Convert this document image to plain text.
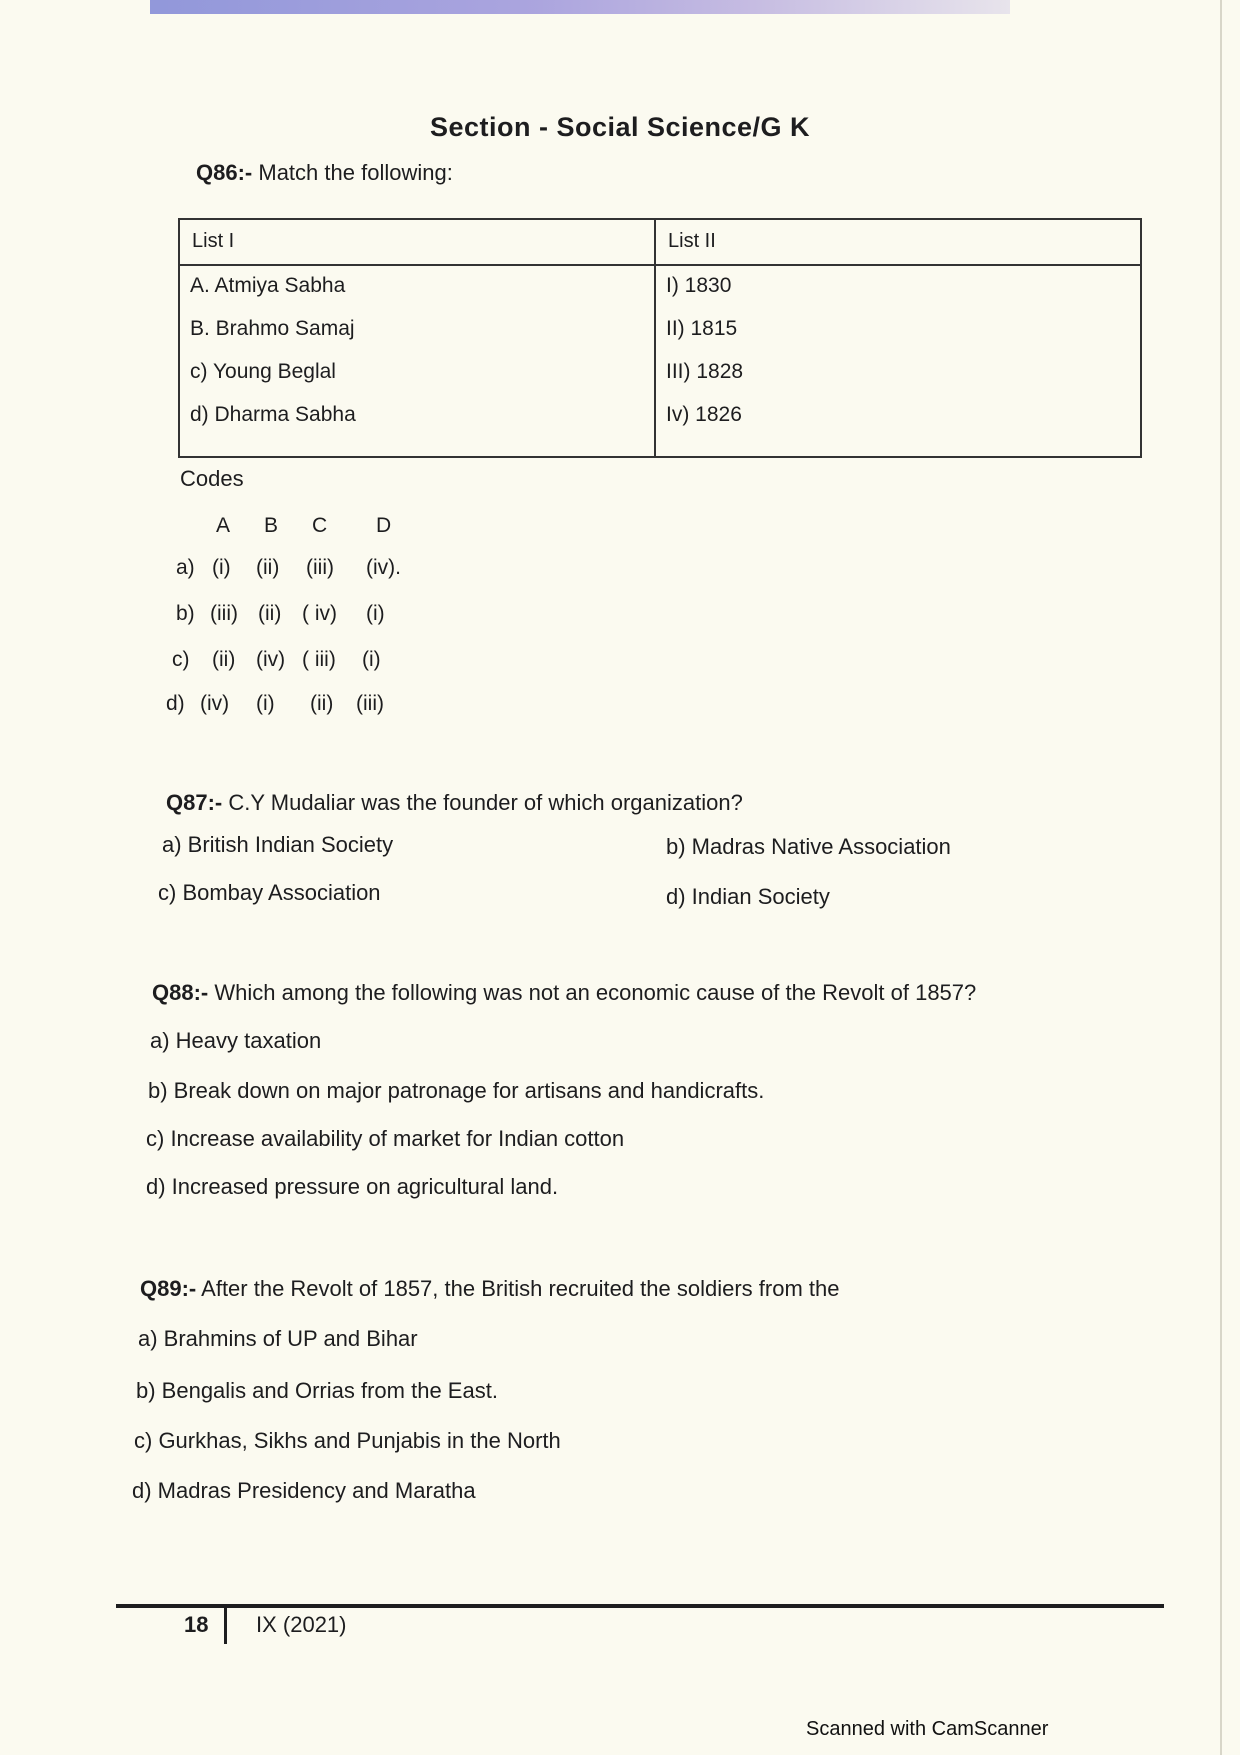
Section - Social Science/G K
Q86:- Match the following:
List I
A. Atmiya Sabha
B. Brahmo Samaj
c) Young Beglal
d) Dharma Sabha
List II
I) 1830
II) 1815
III) 1828
Iv) 1826
Codes
A B C D
a) (i) (ii) (iii) (iv).
b) (iii) (ii) ( iv) (i)
c) (ii) (iv) ( iii) (i)
d) (iv) (i) (ii) (iii)
Q87:- C.Y Mudaliar was the founder of which organization?
a) British Indian Society	b) Madras Native Association
c) Bombay Association	d) Indian Society
Q88:- Which among the following was not an economic cause of the Revolt of 1857?
a) Heavy taxation
b) Break down on major patronage for artisans and handicrafts.
c) Increase availability of market for Indian cotton
d) Increased pressure on agricultural land.
Q89:- After the Revolt of 1857, the British recruited the soldiers from the
a) Brahmins of UP and Bihar
b) Bengalis and Orrias from the East.
c) Gurkhas, Sikhs and Punjabis in the North
d) Madras Presidency and Maratha
18 IX (2021)
Scanned with CamScanner
